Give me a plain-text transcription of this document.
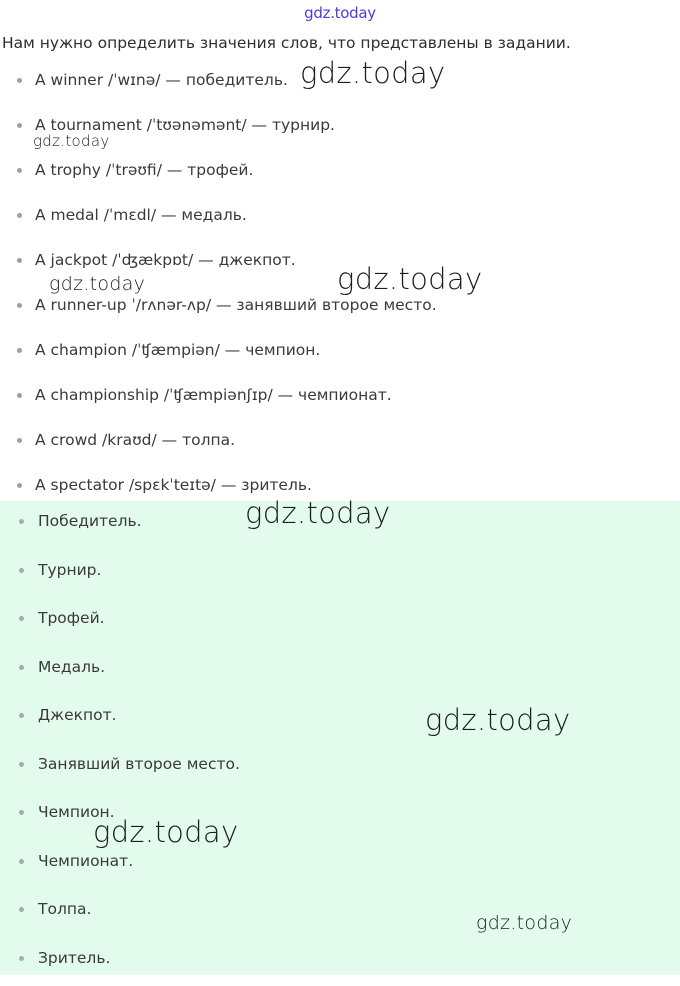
gdz.today
Нам нужно определить значения слов, что представлены в задании.
A winner /ˈwɪnə/ — победитель.
A tournament /ˈtʊənəmənt/ — турнир.
A trophy /ˈtrəʊfi/ — трофей.
A medal /ˈmɛdl/ — медаль.
A jackpot /ˈʤækpɒt/ — джекпот.
A runner-up ˈ/rʌnər-ʌp/ — занявший второе место.
A champion /ˈʧæmpiən/ — чемпион.
A championship /ˈʧæmpiənʃɪp/ — чемпионат.
A crowd /kraʊd/ — толпа.
A spectator /spɛkˈteɪtə/ — зритель.
Победитель.
Турнир.
Трофей.
Медаль.
Джекпот.
Занявший второе место.
Чемпион.
Чемпионат.
Толпа.
Зритель.
gdz.today
gdz.today
gdz.today	gdz.today
gdz.today
gdz.today
gdz.today
gdz.today
